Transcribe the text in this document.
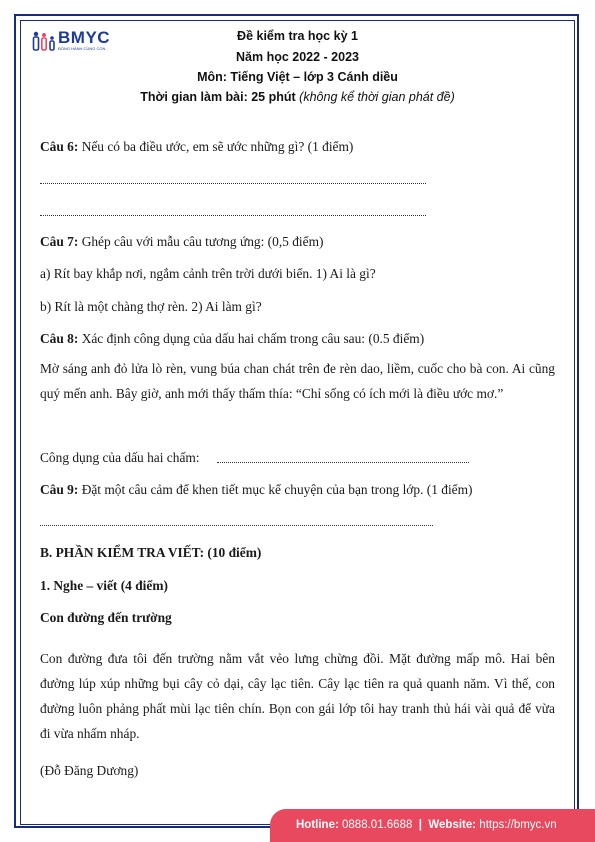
BMYC
ĐỒNG HÀNH CÙNG CON
Đề kiểm tra học kỳ 1
Năm học 2022 - 2023
Môn: Tiếng Việt – lớp 3 Cánh diều
Thời gian làm bài: 25 phút (không kể thời gian phát đề)
Câu 6: Nếu có ba điều ước, em sẽ ước những gì? (1 điểm)
Câu 7: Ghép câu với mẫu câu tương ứng: (0,5 điểm)
a) Rít bay khắp nơi, ngắm cảnh trên trời dưới biển. 1) Ai là gì?
b) Rít là một chàng thợ rèn. 2) Ai làm gì?
Câu 8: Xác định công dụng của dấu hai chấm trong câu sau: (0.5 điểm)
Mờ sáng anh đỏ lửa lò rèn, vung búa chan chát trên đe rèn dao, liềm, cuốc cho bà con. Ai cũng quý mến anh. Bây giờ, anh mới thấy thấm thía: “Chỉ sống có ích mới là điều ước mơ.”
Công dụng của dấu hai chấm:
Câu 9: Đặt một câu cảm để khen tiết mục kể chuyện của bạn trong lớp. (1 điểm)
B. PHẦN KIỂM TRA VIẾT: (10 điểm)
1. Nghe – viết (4 điểm)
Con đường đến trường
Con đường đưa tôi đến trường nằm vắt vẻo lưng chừng đồi. Mặt đường mấp mô. Hai bên đường lúp xúp những bụi cây cỏ dại, cây lạc tiên. Cây lạc tiên ra quả quanh năm. Vì thế, con đường luôn phảng phất mùi lạc tiên chín. Bọn con gái lớp tôi hay tranh thủ hái vài quả để vừa đi vừa nhấm nháp.
(Đỗ Đăng Dương)
Hotline: 0888.01.6688 | Website: https://bmyc.vn
